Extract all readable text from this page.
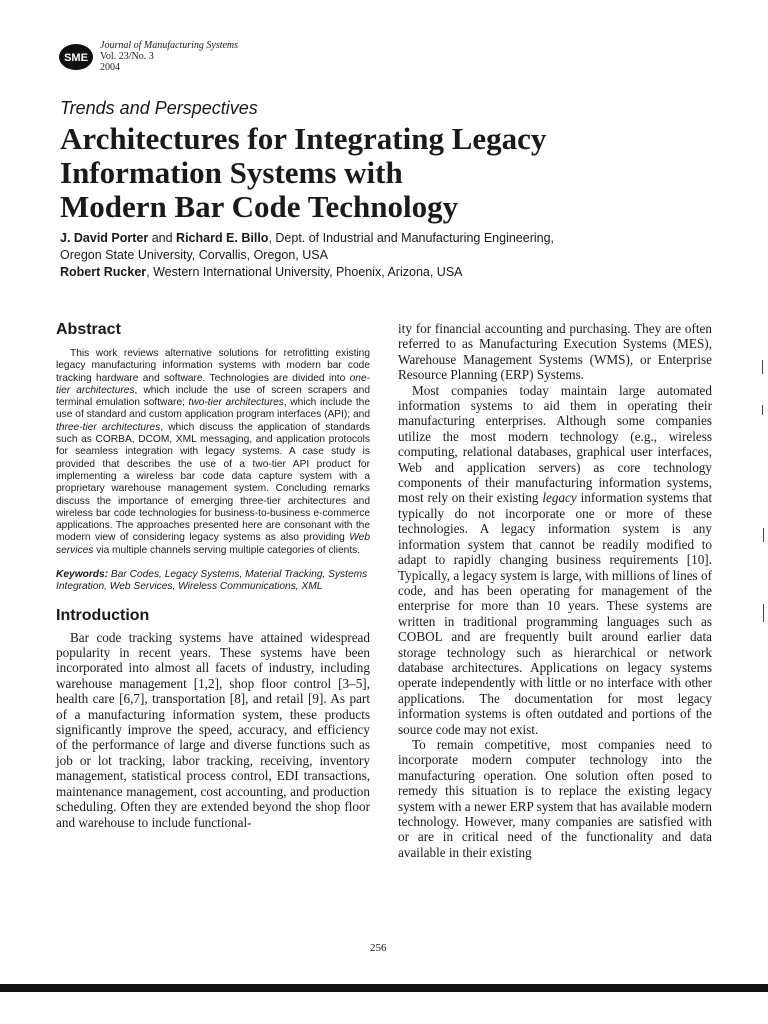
SME
Journal of Manufacturing Systems
Vol. 23/No. 3
2004
Trends and Perspectives
Architectures for Integrating Legacy
Information Systems with
Modern Bar Code Technology
J. David Porter and Richard E. Billo, Dept. of Industrial and Manufacturing Engineering,
Oregon State University, Corvallis, Oregon, USA
Robert Rucker, Western International University, Phoenix, Arizona, USA
Abstract

This work reviews alternative solutions for retrofitting existing legacy manufacturing information systems with modern bar code tracking hardware and software. Technologies are divided into one-tier architectures, which include the use of screen scrapers and terminal emulation software; two-tier architectures, which include the use of standard and custom application program interfaces (API); and three-tier architectures, which discuss the application of standards such as CORBA, DCOM, XML messaging, and application protocols for seamless integration with legacy systems. A case study is provided that describes the use of a two-tier API product for implementing a wireless bar code data capture system with a proprietary warehouse management system. Concluding remarks discuss the importance of emerging three-tier architectures and wireless bar code technologies for business-to-business e-commerce applications. The approaches presented here are consonant with the modern view of considering legacy systems as also providing Web services via multiple channels serving multiple categories of clients.

Keywords: Bar Codes, Legacy Systems, Material Tracking, Systems Integration, Web Services, Wireless Communications, XML

Introduction

Bar code tracking systems have attained widespread popularity in recent years. These systems have been incorporated into almost all facets of industry, including warehouse management [1,2], shop floor control [3–5], health care [6,7], transportation [8], and retail [9]. As part of a manufacturing information system, these products significantly improve the speed, accuracy, and efficiency of the performance of large and diverse functions such as job or lot tracking, labor tracking, receiving, inventory management, statistical process control, EDI transactions, maintenance management, cost accounting, and production scheduling. Often they are extended beyond the shop floor and warehouse to include functional-

ity for financial accounting and purchasing. They are often referred to as Manufacturing Execution Systems (MES), Warehouse Management Systems (WMS), or Enterprise Resource Planning (ERP) Systems.

Most companies today maintain large automated information systems to aid them in operating their manufacturing enterprises. Although some companies utilize the most modern technology (e.g., wireless computing, relational databases, graphical user interfaces, Web and application servers) as core technology components of their manufacturing information systems, most rely on their existing legacy information systems that typically do not incorporate one or more of these technologies. A legacy information system is any information system that cannot be readily modified to adapt to rapidly changing business requirements [10]. Typically, a legacy system is large, with millions of lines of code, and has been operating for management of the enterprise for more than 10 years. These systems are written in traditional programming languages such as COBOL and are frequently built around earlier data storage technology such as hierarchical or network database architectures. Applications on legacy systems operate independently with little or no interface with other applications. The documentation for most legacy information systems is often outdated and portions of the source code may not exist.

To remain competitive, most companies need to incorporate modern computer technology into the manufacturing operation. One solution often posed to remedy this situation is to replace the existing legacy system with a newer ERP system that has available modern technology. However, many companies are satisfied with or are in critical need of the functionality and data available in their existing

256
